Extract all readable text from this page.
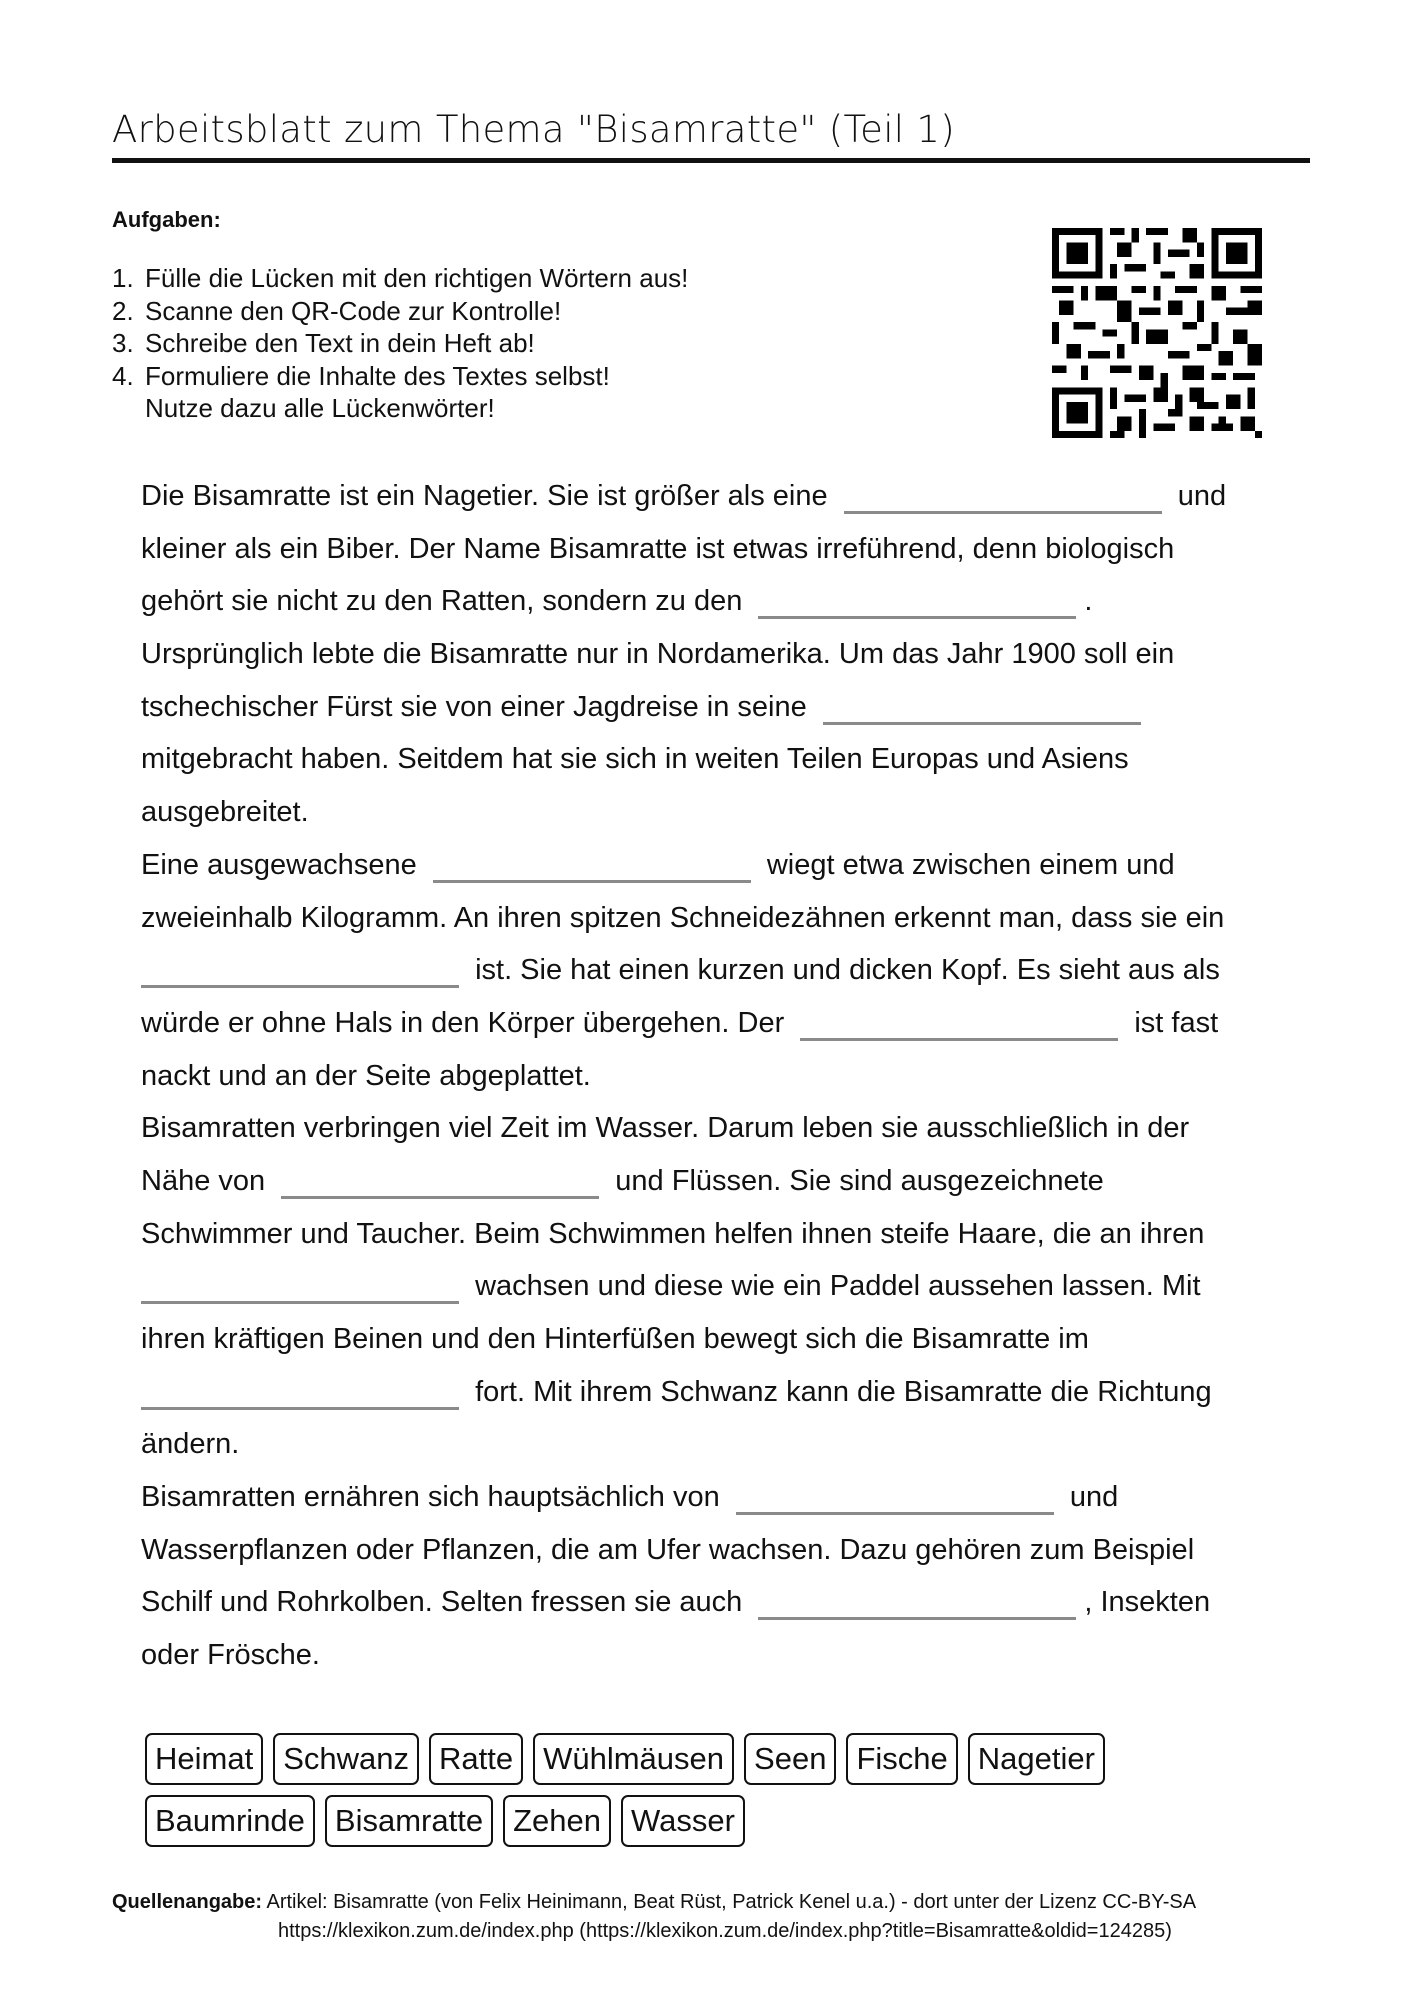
Arbeitsblatt zum Thema "Bisamratte" (Teil 1)
Aufgaben:
1. Fülle die Lücken mit den richtigen Wörtern aus!
2. Scanne den QR-Code zur Kontrolle!
3. Schreibe den Text in dein Heft ab!
4. Formuliere die Inhalte des Textes selbst!
Nutze dazu alle Lückenwörter!
Die Bisamratte ist ein Nagetier. Sie ist größer als eine	und
kleiner als ein Biber. Der Name Bisamratte ist etwas irreführend, denn biologisch
gehört sie nicht zu den Ratten, sondern zu den	.
Ursprünglich lebte die Bisamratte nur in Nordamerika. Um das Jahr 1900 soll ein
tschechischer Fürst sie von einer Jagdreise in seine
mitgebracht haben. Seitdem hat sie sich in weiten Teilen Europas und Asiens
ausgebreitet.
Eine ausgewachsene	wiegt etwa zwischen einem und
zweieinhalb Kilogramm. An ihren spitzen Schneidezähnen erkennt man, dass sie ein
ist. Sie hat einen kurzen und dicken Kopf. Es sieht aus als
würde er ohne Hals in den Körper übergehen. Der	ist fast
nackt und an der Seite abgeplattet.
Bisamratten verbringen viel Zeit im Wasser. Darum leben sie ausschließlich in der
Nähe von	und Flüssen. Sie sind ausgezeichnete
Schwimmer und Taucher. Beim Schwimmen helfen ihnen steife Haare, die an ihren
wachsen und diese wie ein Paddel aussehen lassen. Mit
ihren kräftigen Beinen und den Hinterfüßen bewegt sich die Bisamratte im
fort. Mit ihrem Schwanz kann die Bisamratte die Richtung
ändern.
Bisamratten ernähren sich hauptsächlich von	und
Wasserpflanzen oder Pflanzen, die am Ufer wachsen. Dazu gehören zum Beispiel
Schilf und Rohrkolben. Selten fressen sie auch	, Insekten
oder Frösche.
Heimat Schwanz Ratte Wühlmäusen Seen Fische Nagetier
Baumrinde Bisamratte Zehen Wasser
Quellenangabe: Artikel: Bisamratte (von Felix Heinimann, Beat Rüst, Patrick Kenel u.a.) - dort unter der Lizenz CC-BY-SA
https://klexikon.zum.de/index.php (https://klexikon.zum.de/index.php?title=Bisamratte&oldid=124285)
